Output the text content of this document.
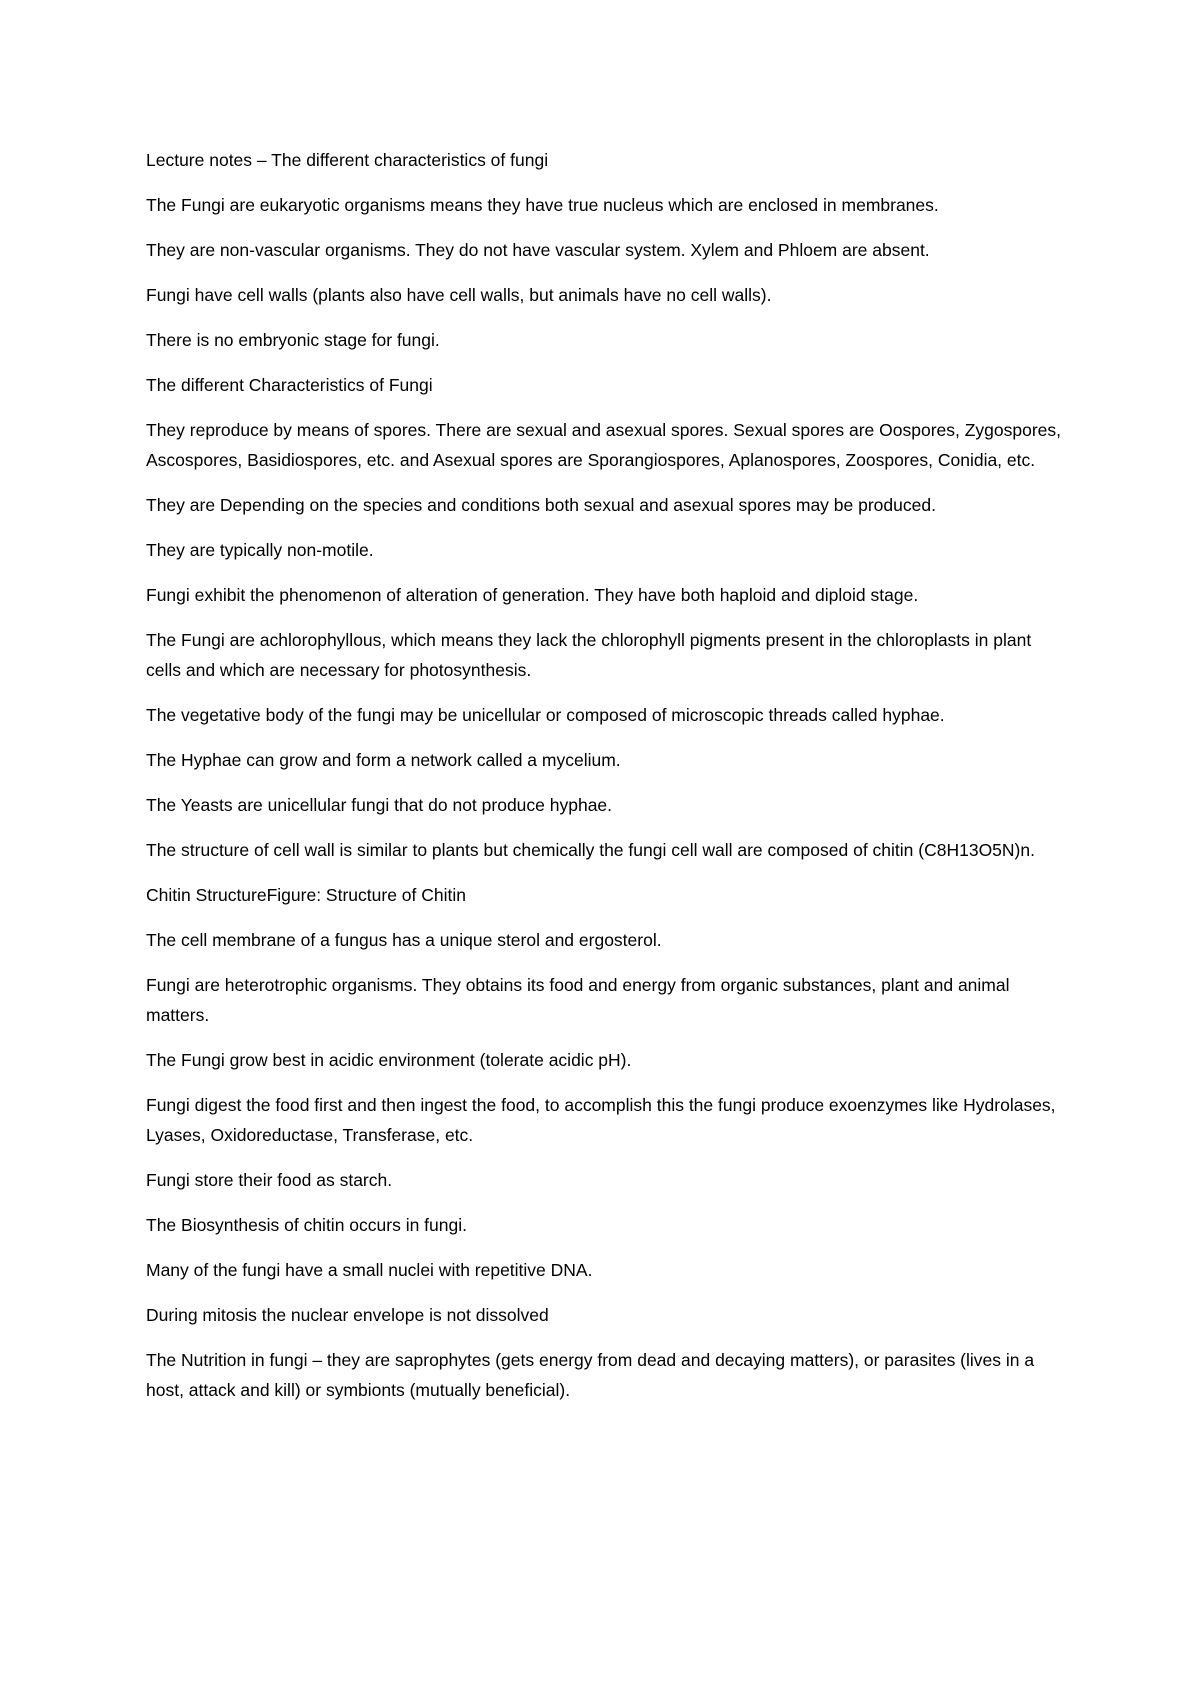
Lecture notes – The different characteristics of fungi

The Fungi are eukaryotic organisms means they have true nucleus which are enclosed in membranes.

They are non-vascular organisms. They do not have vascular system. Xylem and Phloem are absent.

Fungi have cell walls (plants also have cell walls, but animals have no cell walls).

There is no embryonic stage for fungi.

The different Characteristics of Fungi

They reproduce by means of spores. There are sexual and asexual spores. Sexual spores are Oospores, Zygospores, Ascospores, Basidiospores, etc. and Asexual spores are Sporangiospores, Aplanospores, Zoospores, Conidia, etc.

They are Depending on the species and conditions both sexual and asexual spores may be produced.

They are typically non-motile.

Fungi exhibit the phenomenon of alteration of generation. They have both haploid and diploid stage.

The Fungi are achlorophyllous, which means they lack the chlorophyll pigments present in the chloroplasts in plant cells and which are necessary for photosynthesis.

The vegetative body of the fungi may be unicellular or composed of microscopic threads called hyphae.

The Hyphae can grow and form a network called a mycelium.

The Yeasts are unicellular fungi that do not produce hyphae.

The structure of cell wall is similar to plants but chemically the fungi cell wall are composed of chitin (C8H13O5N)n.

Chitin StructureFigure: Structure of Chitin

The cell membrane of a fungus has a unique sterol and ergosterol.

Fungi are heterotrophic organisms. They obtains its food and energy from organic substances, plant and animal matters.

The Fungi grow best in acidic environment (tolerate acidic pH).

Fungi digest the food first and then ingest the food, to accomplish this the fungi produce exoenzymes like Hydrolases, Lyases, Oxidoreductase, Transferase, etc.

Fungi store their food as starch.

The Biosynthesis of chitin occurs in fungi.

Many of the fungi have a small nuclei with repetitive DNA.

During mitosis the nuclear envelope is not dissolved

The Nutrition in fungi – they are saprophytes (gets energy from dead and decaying matters), or parasites (lives in a host, attack and kill) or symbionts (mutually beneficial).
